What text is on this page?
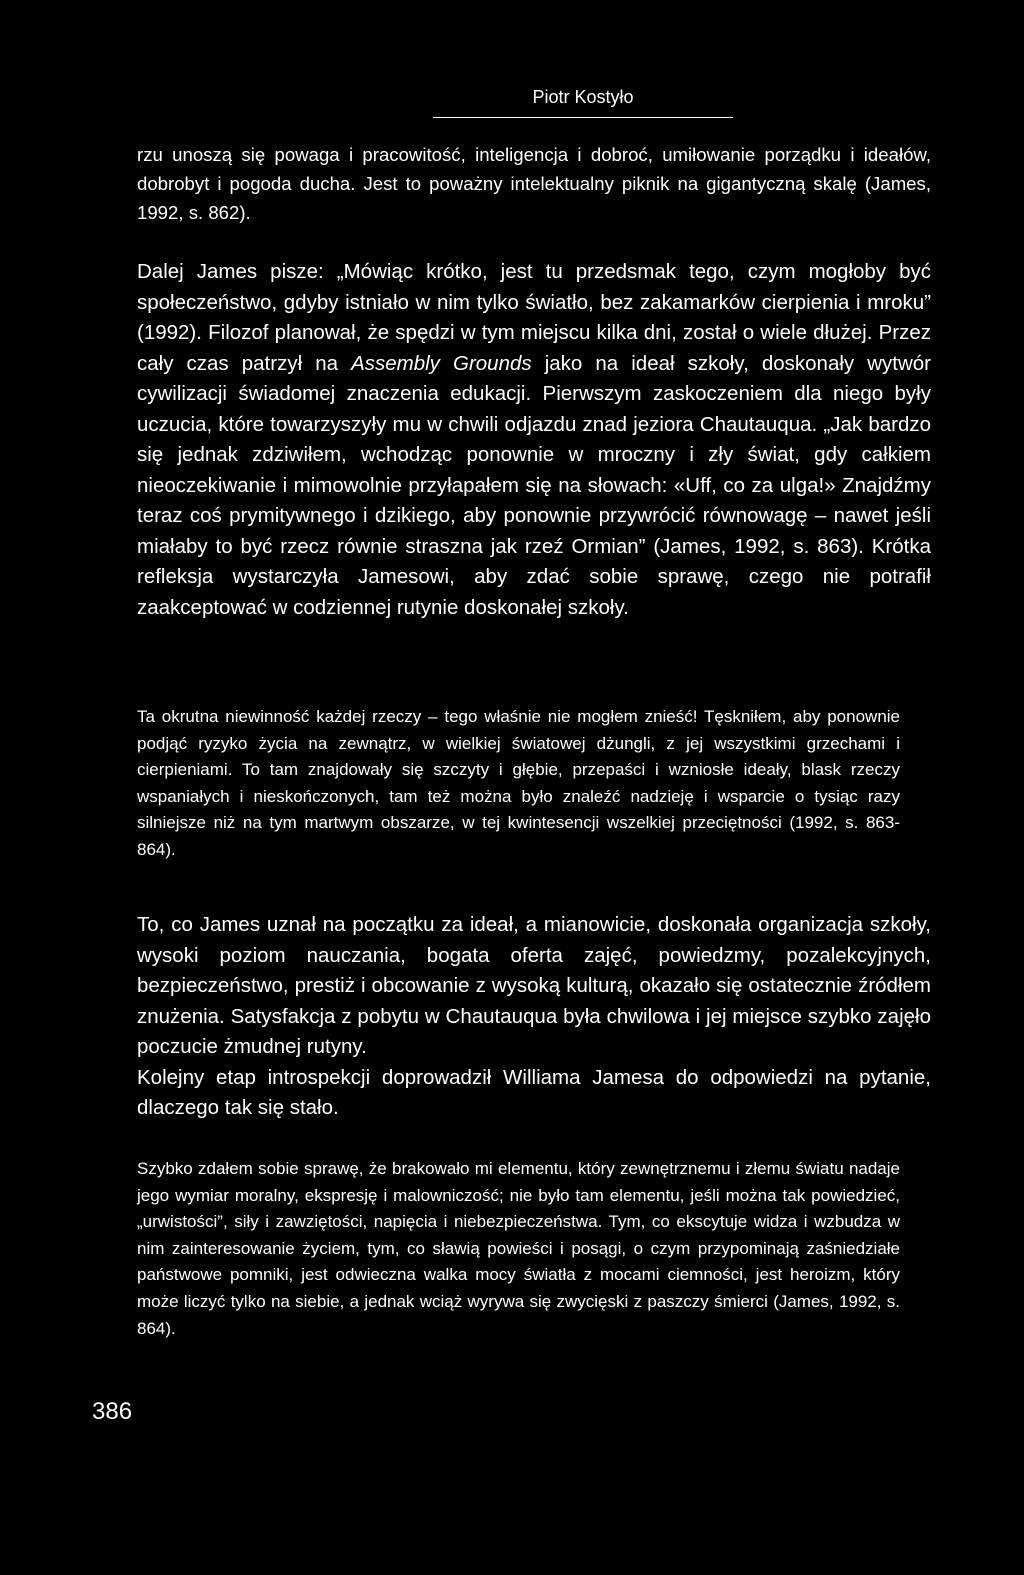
Piotr Kostyło

rzu unoszą się powaga i pracowitość, inteligencja i dobroć, umiłowanie porządku i ideałów, dobrobyt i pogoda ducha. Jest to poważny intelektualny piknik na gigantyczną skalę (James, 1992, s. 862).

Dalej James pisze: „Mówiąc krótko, jest tu przedsmak tego, czym mogłoby być społeczeństwo, gdyby istniało w nim tylko światło, bez zakamarków cierpienia i mroku” (1992). Filozof planował, że spędzi w tym miejscu kilka dni, został o wiele dłużej. Przez cały czas patrzył na Assembly Grounds jako na ideał szkoły, doskonały wytwór cywilizacji świadomej znaczenia edukacji. Pierwszym zaskoczeniem dla niego były uczucia, które towarzyszyły mu w chwili odjazdu znad jeziora Chautauqua. „Jak bardzo się jednak zdziwiłem, wchodząc ponownie w mroczny i zły świat, gdy całkiem nieoczekiwanie i mimowolnie przyłapałem się na słowach: «Uff, co za ulga!» Znajdźmy teraz coś prymitywnego i dzikiego, aby ponownie przywrócić równowagę – nawet jeśli miałaby to być rzecz równie straszna jak rzeź Ormian” (James, 1992, s. 863). Krótka refleksja wystarczyła Jamesowi, aby zdać sobie sprawę, czego nie potrafił zaakceptować w codziennej rutynie doskonałej szkoły.

Ta okrutna niewinność każdej rzeczy – tego właśnie nie mogłem znieść! Tęskniłem, aby ponownie podjąć ryzyko życia na zewnątrz, w wielkiej światowej dżungli, z jej wszystkimi grzechami i cierpieniami. To tam znajdowały się szczyty i głębie, przepaści i wzniosłe ideały, blask rzeczy wspaniałych i nieskończonych, tam też można było znaleźć nadzieję i wsparcie o tysiąc razy silniejsze niż na tym martwym obszarze, w tej kwintesencji wszelkiej przeciętności (1992, s. 863-864).

To, co James uznał na początku za ideał, a mianowicie, doskonała organizacja szkoły, wysoki poziom nauczania, bogata oferta zajęć, powiedzmy, pozalekcyjnych, bezpieczeństwo, prestiż i obcowanie z wysoką kulturą, okazało się ostatecznie źródłem znużenia. Satysfakcja z pobytu w Chautauqua była chwilowa i jej miejsce szybko zajęło poczucie żmudnej rutyny.
Kolejny etap introspekcji doprowadził Williama Jamesa do odpowiedzi na pytanie, dlaczego tak się stało.

Szybko zdałem sobie sprawę, że brakowało mi elementu, który zewnętrznemu i złemu światu nadaje jego wymiar moralny, ekspresję i malowniczość; nie było tam elementu, jeśli można tak powiedzieć, „urwistości”, siły i zawziętości, napięcia i niebezpieczeństwa. Tym, co ekscytuje widza i wzbudza w nim zainteresowanie życiem, tym, co sławią powieści i posągi, o czym przypominają zaśniedziałe państwowe pomniki, jest odwieczna walka mocy światła z mocami ciemności, jest heroizm, który może liczyć tylko na siebie, a jednak wciąż wyrywa się zwycięski z paszczy śmierci (James, 1992, s. 864).

386
